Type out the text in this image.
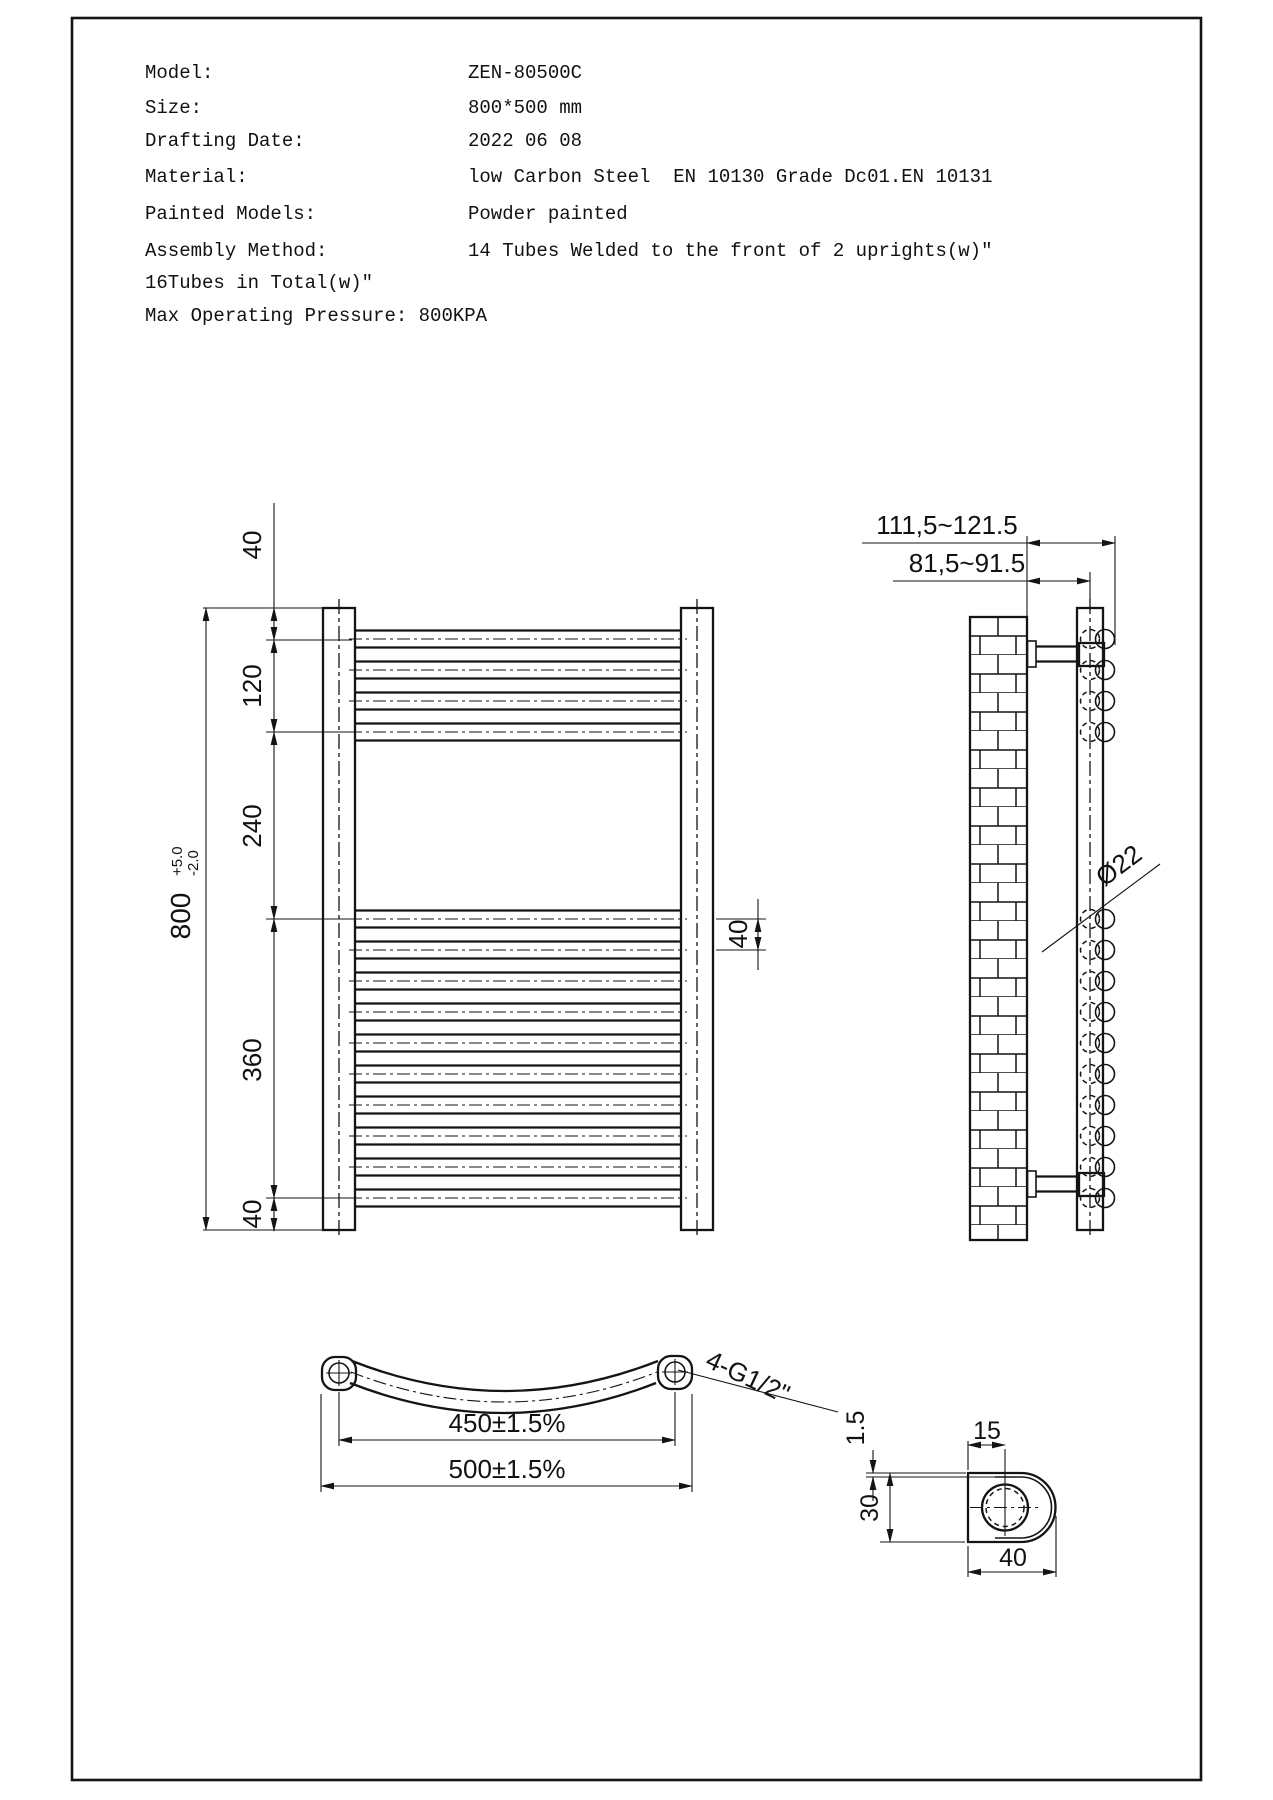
Model:	ZEN-80500C
Size:	800*500 mm
Drafting Date:	2022 06 08
Material:	low Carbon Steel  EN 10130 Grade Dc01.EN 10131
Painted Models:	Powder painted
Assembly Method:	14 Tubes Welded to the front of 2 uprights(w)"
16Tubes in Total(w)"
Max Operating Pressure: 800KPA
40
120
240
360
40
800
+5.0 -2.0
40
111,5~121.5
81,5~91.5
Ø22
450±1.5%
500±1.5%
4-G1/2"
15
1.5
30
40
